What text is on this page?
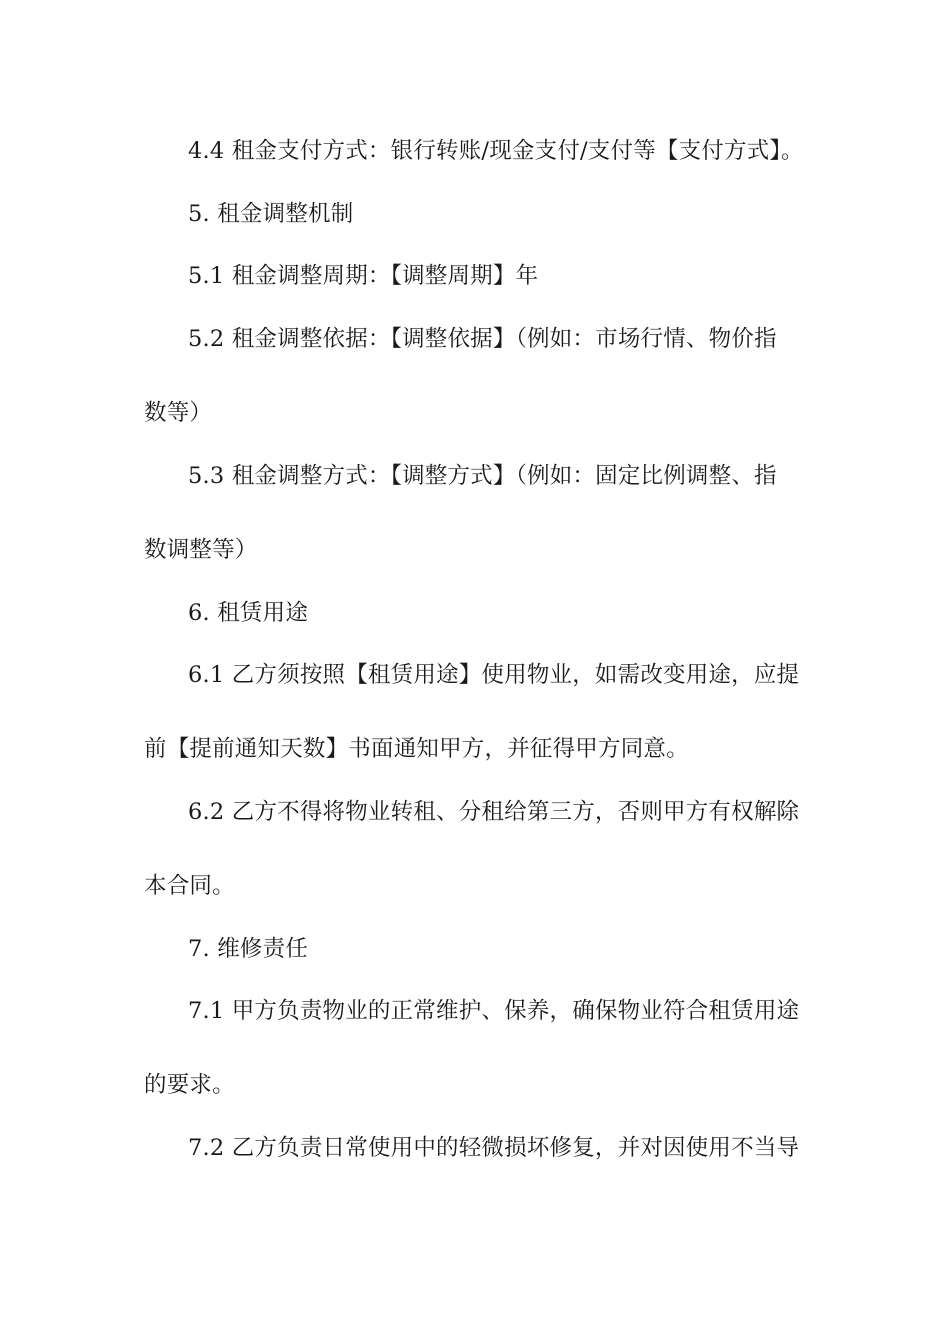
4.4 租金支付方式：银行转账/现金支付/支付等【支付方式】。
5. 租金调整机制
5.1 租金调整周期：【调整周期】年
5.2 租金调整依据：【调整依据】（例如：市场行情、物价指
数等）
5.3 租金调整方式：【调整方式】（例如：固定比例调整、指
数调整等）
6. 租赁用途
6.1 乙方须按照【租赁用途】使用物业，如需改变用途，应提
前【提前通知天数】书面通知甲方，并征得甲方同意。
6.2 乙方不得将物业转租、分租给第三方，否则甲方有权解除
本合同。
7. 维修责任
7.1 甲方负责物业的正常维护、保养，确保物业符合租赁用途
的要求。
7.2 乙方负责日常使用中的轻微损坏修复，并对因使用不当导
